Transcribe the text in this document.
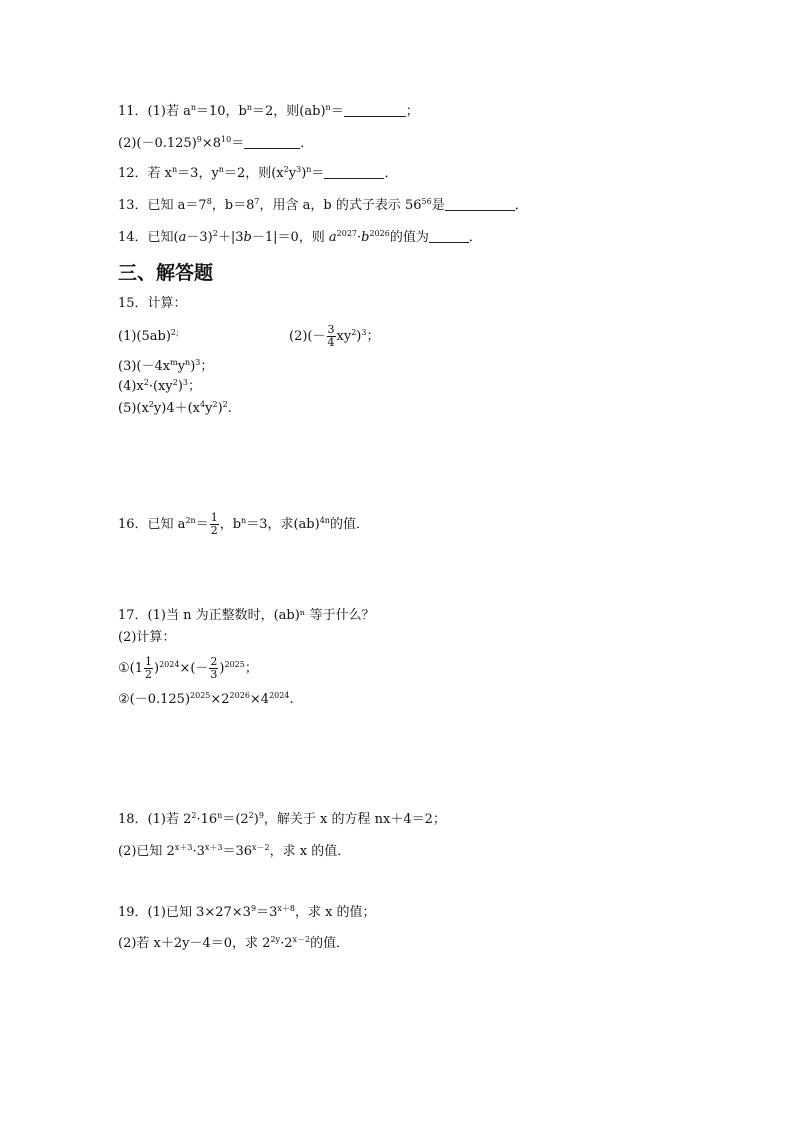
11．(1)若 $a^n=10$，$b^n=2$，则(ab)$^n$＝	；
$(2)(-0.125)^9\times 8^{10}=$	．
12．若 $x^n=3$，$y^n=2$，则$(x^2y^3)^n=$	．
13．已知 $a=7^8$，$b=8^7$，用含 a，b 的式子表示 $56^{56}$是	．
14．已知$(a-3)^2+|3b-1|=0$，则 $a^{2027}\cdot b^{2026}$的值为	．
三、解答题
15．计算：
$(1)(5ab)^{2;}$	$(2)(- \frac{3}{4} xy^2)^3$；
$(3)(-4x^my^n)^3$；
$(4)x^2\cdot(xy^2)^3$；
$(5)(x^2y)4+(x^4y^2)^2$.
16．已知 $a^{2n}= \frac{1}{2}$ ，$b^n=3$，求(ab)$^{4n}$的值．
17．(1)当 n 为正整数时，(ab)ⁿ 等于什么？
(2)计算：
①(1 $\frac{1}{2} )^{2024}\times(- \frac{2}{3} )^{2025}$；
$②(-0.125)^{2025}\times 2^{2026}\times 4^{2024}$.
18．(1)若 $2^2\cdot 16^n=(2^2)^9$，解关于 x 的方程 nx＋4＝2；
(2)已知 $2^{x+3}\cdot 3^{x+3}=36^{x-2}$，求 x 的值．
19．(1)已知 $3\times 27\times 3^9=3^{x+8}$，求 x 的值；
(2)若 x＋2y－4＝0，求 $2^{2y}\cdot 2^{x-2}$的值．
